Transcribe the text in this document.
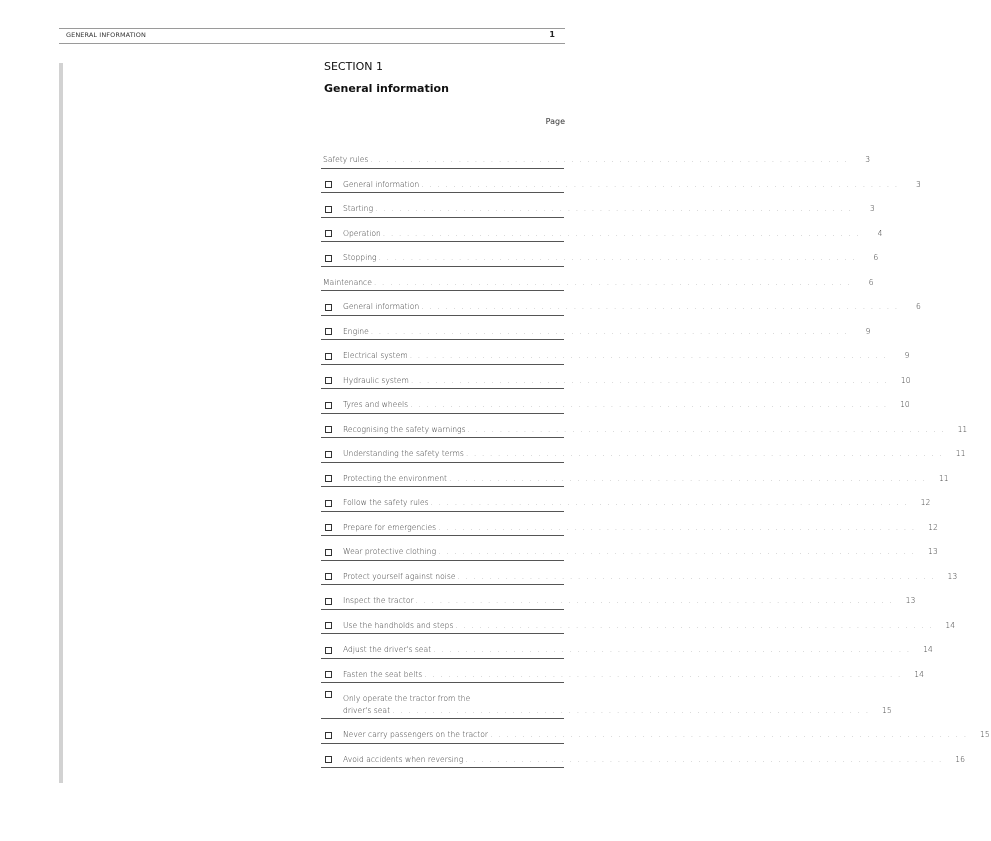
GENERAL INFORMATION	1
SECTION 1
General information
Page
Safety rules . . . . . . . . . . . . . . . . . . . . . . . . . . . . . . . . . . . . . . . . . . . . . . . . . . . . . . . . . . . .	3
General information . . . . . . . . . . . . . . . . . . . . . . . . . . . . . . . . . . . . . . . . . . . . . . . . . . . . . . . . . . . .	3
Starting . . . . . . . . . . . . . . . . . . . . . . . . . . . . . . . . . . . . . . . . . . . . . . . . . . . . . . . . . . . .	3
Operation . . . . . . . . . . . . . . . . . . . . . . . . . . . . . . . . . . . . . . . . . . . . . . . . . . . . . . . . . . . .	4
Stopping . . . . . . . . . . . . . . . . . . . . . . . . . . . . . . . . . . . . . . . . . . . . . . . . . . . . . . . . . . . .	6
Maintenance . . . . . . . . . . . . . . . . . . . . . . . . . . . . . . . . . . . . . . . . . . . . . . . . . . . . . . . . . . . .	6
General information . . . . . . . . . . . . . . . . . . . . . . . . . . . . . . . . . . . . . . . . . . . . . . . . . . . . . . . . . . . .	6
Engine . . . . . . . . . . . . . . . . . . . . . . . . . . . . . . . . . . . . . . . . . . . . . . . . . . . . . . . . . . . .	9
Electrical system . . . . . . . . . . . . . . . . . . . . . . . . . . . . . . . . . . . . . . . . . . . . . . . . . . . . . . . . . . . .	9
Hydraulic system . . . . . . . . . . . . . . . . . . . . . . . . . . . . . . . . . . . . . . . . . . . . . . . . . . . . . . . . . . . .	10
Tyres and wheels . . . . . . . . . . . . . . . . . . . . . . . . . . . . . . . . . . . . . . . . . . . . . . . . . . . . . . . . . . . .	10
Recognising the safety warnings . . . . . . . . . . . . . . . . . . . . . . . . . . . . . . . . . . . . . . . . . . . . . . . . . . . . . . . . . . . .	11
Understanding the safety terms . . . . . . . . . . . . . . . . . . . . . . . . . . . . . . . . . . . . . . . . . . . . . . . . . . . . . . . . . . . .	11
Protecting the environment . . . . . . . . . . . . . . . . . . . . . . . . . . . . . . . . . . . . . . . . . . . . . . . . . . . . . . . . . . . .	11
Follow the safety rules . . . . . . . . . . . . . . . . . . . . . . . . . . . . . . . . . . . . . . . . . . . . . . . . . . . . . . . . . . . .	12
Prepare for emergencies . . . . . . . . . . . . . . . . . . . . . . . . . . . . . . . . . . . . . . . . . . . . . . . . . . . . . . . . . . . .	12
Wear protective clothing . . . . . . . . . . . . . . . . . . . . . . . . . . . . . . . . . . . . . . . . . . . . . . . . . . . . . . . . . . . .	13
Protect yourself against noise . . . . . . . . . . . . . . . . . . . . . . . . . . . . . . . . . . . . . . . . . . . . . . . . . . . . . . . . . . . .	13
Inspect the tractor . . . . . . . . . . . . . . . . . . . . . . . . . . . . . . . . . . . . . . . . . . . . . . . . . . . . . . . . . . . .	13
Use the handholds and steps . . . . . . . . . . . . . . . . . . . . . . . . . . . . . . . . . . . . . . . . . . . . . . . . . . . . . . . . . . . .	14
Adjust the driver's seat . . . . . . . . . . . . . . . . . . . . . . . . . . . . . . . . . . . . . . . . . . . . . . . . . . . . . . . . . . . .	14
Fasten the seat belts . . . . . . . . . . . . . . . . . . . . . . . . . . . . . . . . . . . . . . . . . . . . . . . . . . . . . . . . . . . .	14
Only operate the tractor from the
driver's seat . . . . . . . . . . . . . . . . . . . . . . . . . . . . . . . . . . . . . . . . . . . . . . . . . . . . . . . . . . . .	15
Never carry passengers on the tractor . . . . . . . . . . . . . . . . . . . . . . . . . . . . . . . . . . . . . . . . . . . . . . . . . . . . . . . . . . . .	15
Avoid accidents when reversing . . . . . . . . . . . . . . . . . . . . . . . . . . . . . . . . . . . . . . . . . . . . . . . . . . . . . . . . . . . .	16
